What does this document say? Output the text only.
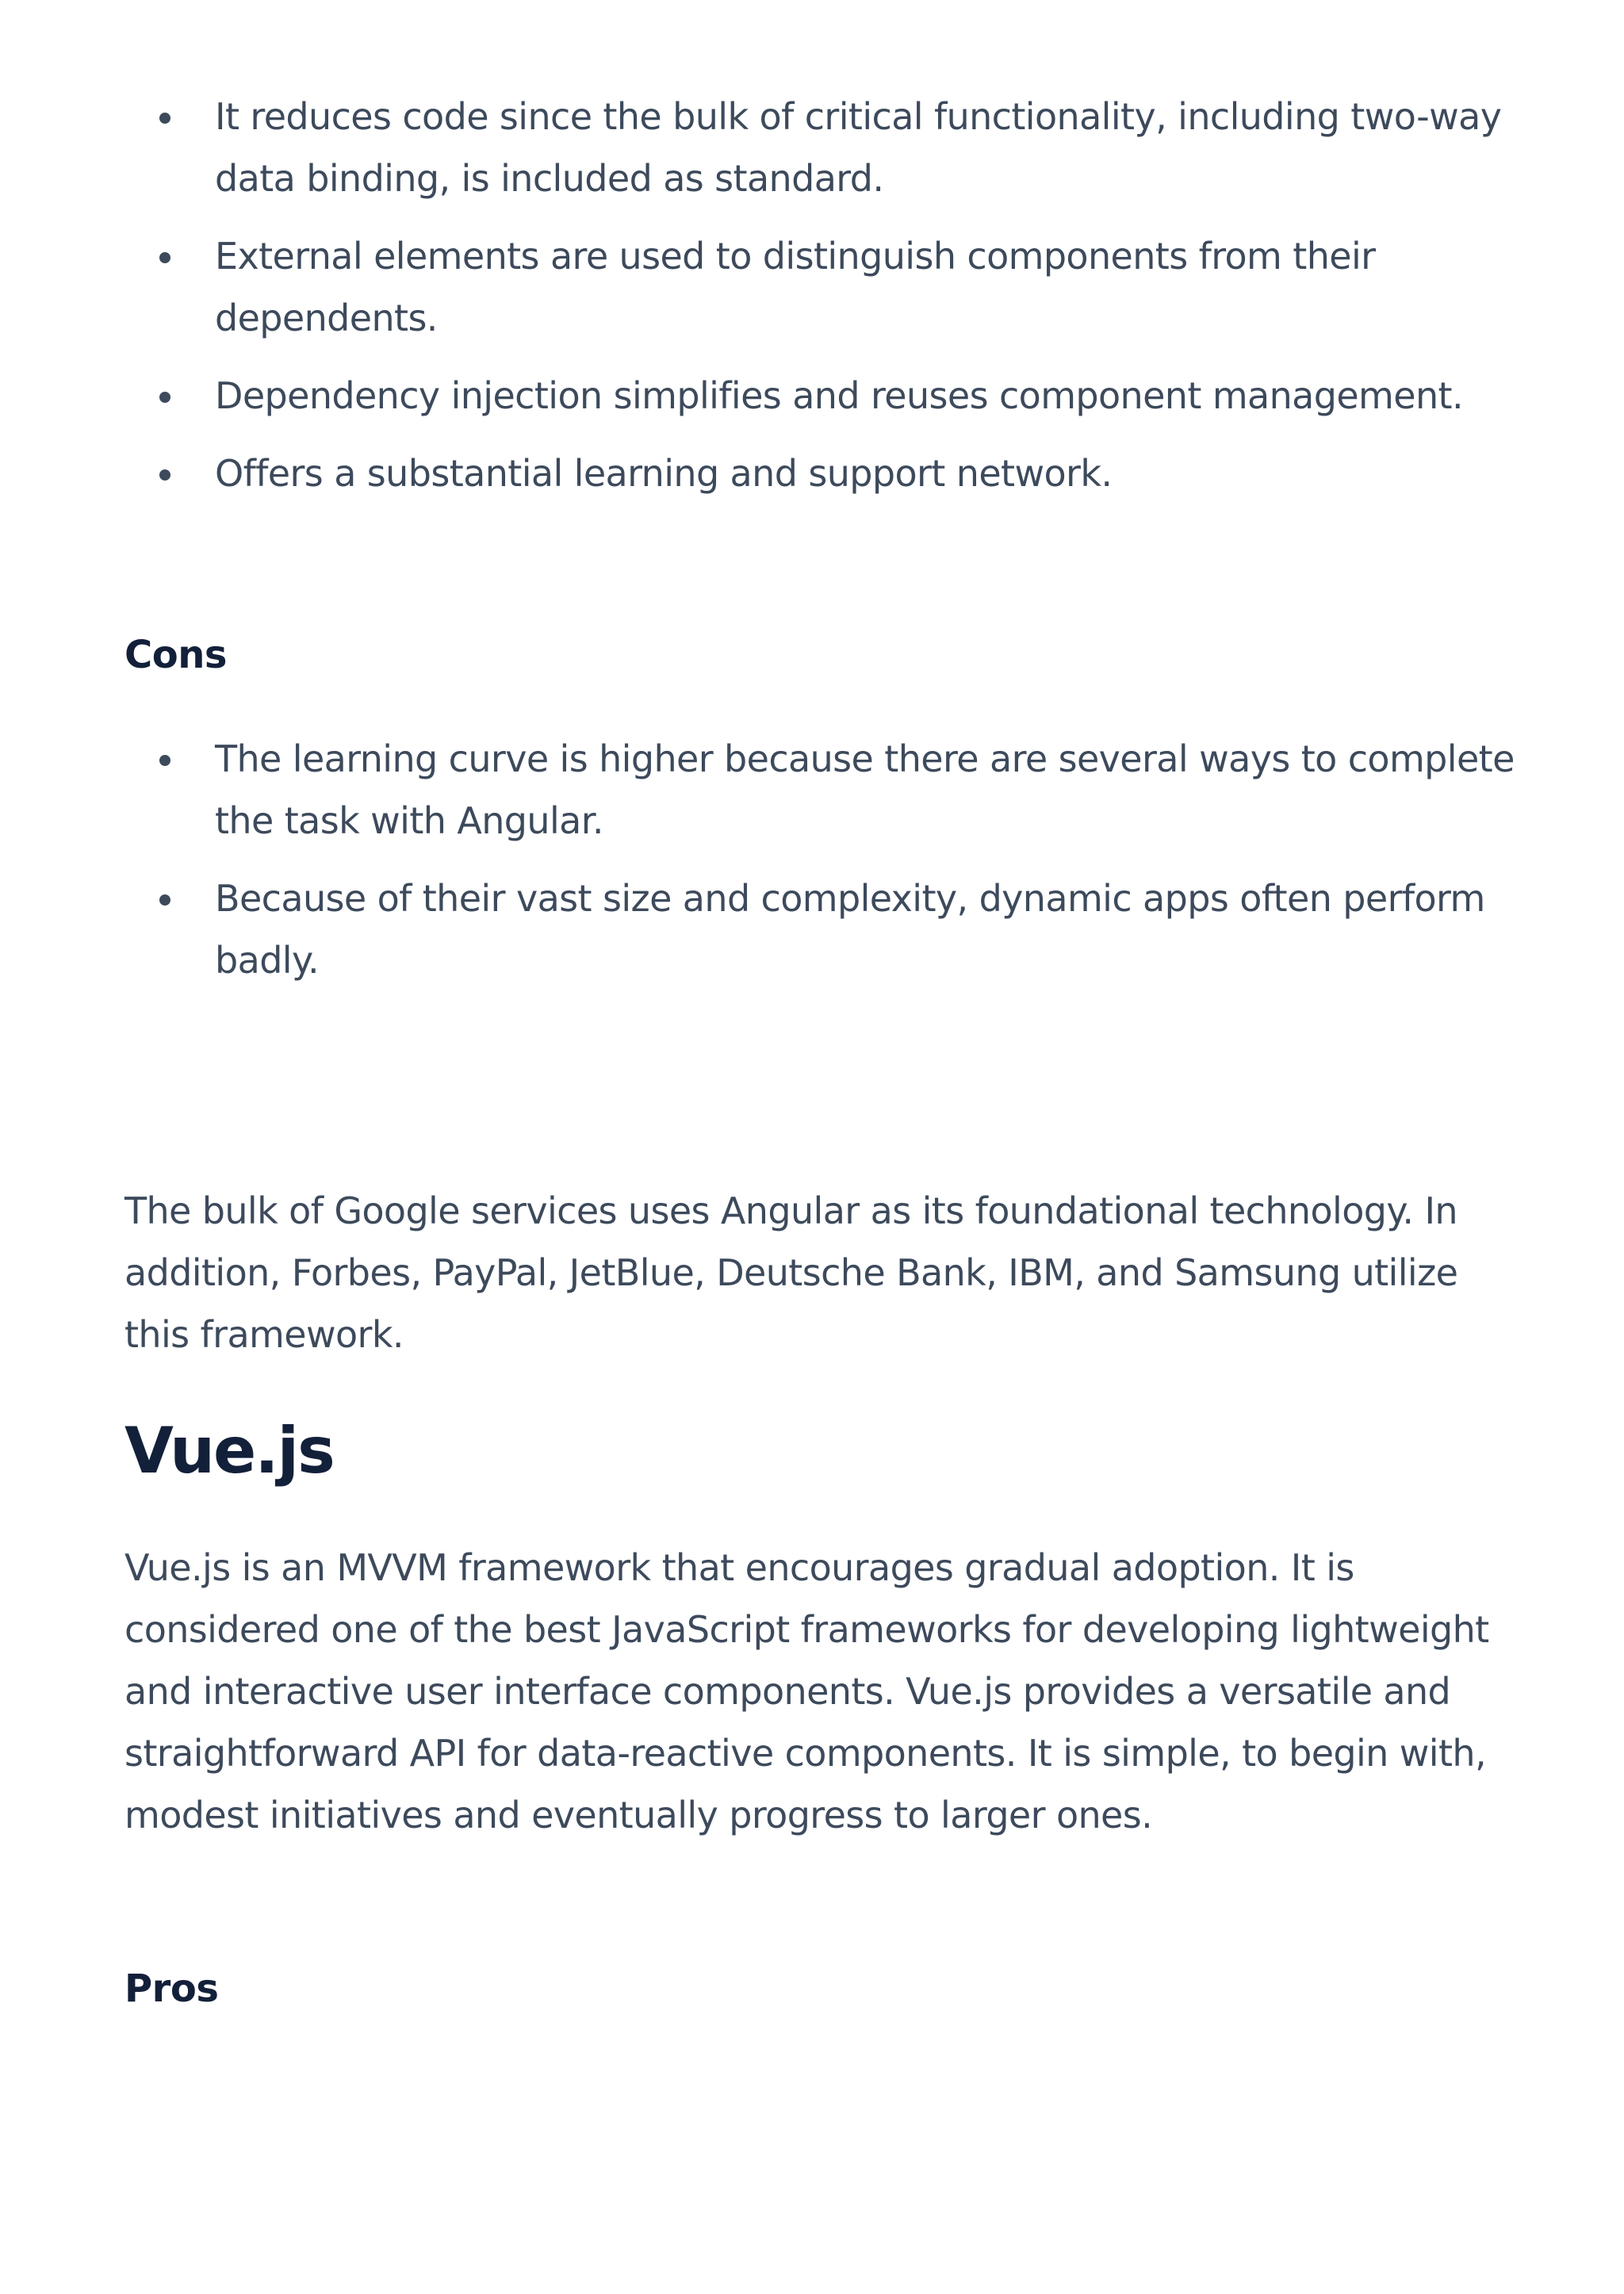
It reduces code since the bulk of critical functionality, including two-way data binding, is included as standard.
External elements are used to distinguish components from their dependents.
Dependency injection simplifies and reuses component management.
Offers a substantial learning and support network.
Cons
The learning curve is higher because there are several ways to complete the task with Angular.
Because of their vast size and complexity, dynamic apps often perform badly.

The bulk of Google services uses Angular as its foundational technology. In addition, Forbes, PayPal, JetBlue, Deutsche Bank, IBM, and Samsung utilize this framework.

Vue.js

Vue.js is an MVVM framework that encourages gradual adoption. It is considered one of the best JavaScript frameworks for developing lightweight and interactive user interface components. Vue.js provides a versatile and straightforward API for data-reactive components. It is simple, to begin with, modest initiatives and eventually progress to larger ones.

Pros
